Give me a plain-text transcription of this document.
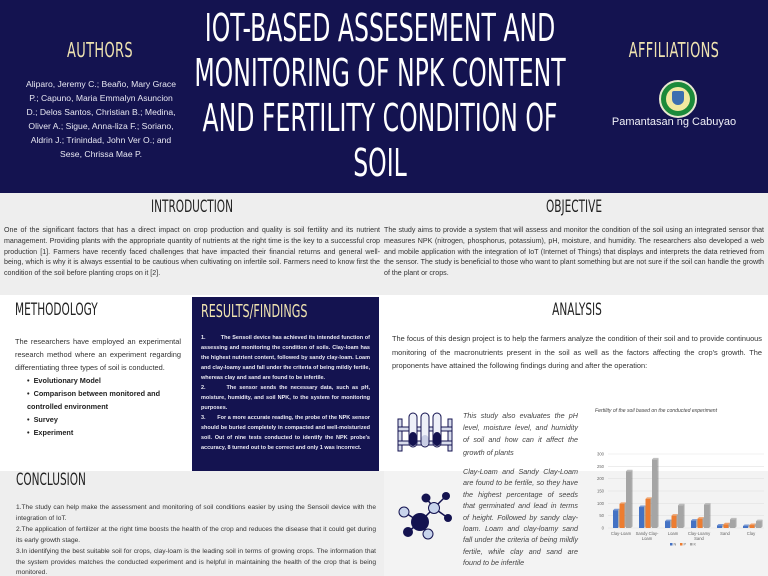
AUTHORS
Aliparo, Jeremy C.; Beaño, Mary Grace P.; Capuno, Maria Emmalyn Asuncion D.; Delos Santos, Christian B.; Medina, Oliver A.; Sigue, Anna-liza F.; Soriano, Aldrin J.; Trinindad, John Ver O.; and Sese, Chrissa Mae P.
IOT-BASED ASSESEMENT AND
MONITORING OF NPK CONTENT
AND FERTILITY CONDITION OF
SOIL
AFFILIATIONS
Pamantasan ng Cabuyao
INTRODUCTION
One of the significant factors that has a direct impact on crop production and quality is soil fertility and its nutrient management. Providing plants with the appropriate quantity of nutrients at the right time is the key to a successful crop production [1]. Farmers have recently faced challenges that have impacted their financial returns and general well-being, which is why it is always essential to be cautious when cultivating on infertile soil. Farmers need to know first the condition of the soil before planting crops on it [2].
OBJECTIVE
The study aims to provide a system that will assess and monitor the condition of the soil using an integrated sensor that measures NPK (nitrogen, phosphorus, potassium), pH, moisture, and humidity. The researchers also developed a web and mobile application with the integration of IoT (Internet of Things) that displays and interprets the data retrieved from the sensor. The study is beneficial to those who want to plant something but are not sure if the soil can handle the growth of the plant or crops.
METHODOLOGY
The researchers have employed an experimental research method where an experiment regarding differentiating three types of soil is conducted.
• Evolutionary Model
• Comparison between monitored and controlled environment
• Survey
• Experiment
RESULTS/FINDINGS
1.         The Sensoil device has achieved its intended function of assessing and monitoring the condition of soils. Clay-loam has the highest nutrient content, followed by sandy clay-loam. Loam and clay-loamy sand fall under the criteria of being mildly fertile, whereas clay and sand are found to be infertile.
2.       The sensor sends the necessary data, such as pH, moisture, humidity, and soil NPK, to the system for monitoring purposes.
3.       For a more accurate reading, the probe of the NPK sensor should be buried completely in compacted and well-moisturized soil. Out of nine tests conducted to identify the NPK probe's accuracy, 8 turned out to be correct and only 1 was incorrect.
ANALYSIS
The focus of this design project is to help the farmers analyze the condition of their soil and to provide continuous monitoring of the macronutrients present in the soil as well as the factors affecting the crop's growth. The proponents have attained the following findings during and after the operation:
This study also evaluates the pH level, moisture level, and humidity of soil and how can it affect the growth of plants
Clay-Loam and Sandy Clay-Loam are found to be fertile, so they have the highest percentage of seeds that germinated and lead in terms of height. Followed by sandy clay-loam. Loam and clay-loamy sand fall under the criteria of being mildly fertile, while clay and sand are found to be infertile
Fertility of the soil based on the conducted experiment
0
50
100
150
200
250
300
Clay-Loam Sandy Clay-
Loam
Loam Clay-Loamy
Sand
Sand	Clay
N P K
CONCLUSION

1.The study can help make the assessment and monitoring of soil conditions easier by using the Sensoil device with the integration of IoT.

2.The application of fertilizer at the right time boosts the health of the crop and reduces the disease that it could get during its early growth stage.

3.In identifying the best suitable soil for crops, clay-loam is the leading soil in terms of growing crops. The information that the system provides matches the conducted experiment and is helpful in maintaining the health of the crop that is being monitored.
